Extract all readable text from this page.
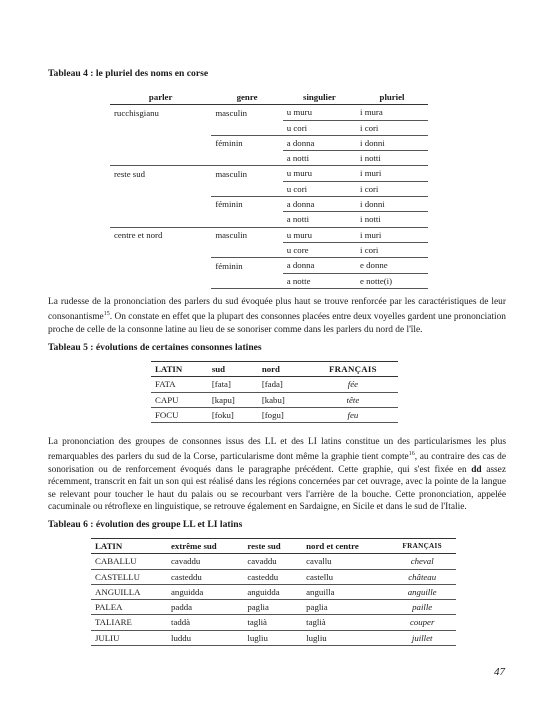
Tableau 4 : le pluriel des noms en corse
parler	genre	singulier	pluriel
rucchisgianu	masculin	u muru	i mura
		u cori	i cori
	féminin	a donna	i donni
		a notti	i notti
reste sud	masculin	u muru	i muri
		u cori	i cori
	féminin	a donna	i donni
		a notti	i notti
centre et nord	masculin	u muru	i muri
		u core	i cori
	féminin	a donna	e donne
		a notte	e notte(i)
La rudesse de la prononciation des parlers du sud évoquée plus haut se trouve renforcée par les caractéristiques de leur consonantisme$^{15}$. On constate en effet que la plupart des consonnes placées entre deux voyelles gardent une prononciation proche de celle de la consonne latine au lieu de se sonoriser comme dans les parlers du nord de l'île.
Tableau 5 : évolutions de certaines consonnes latines
LATIN	sud	nord	FRANÇAIS
FATA	[fata]	[fada]	fée
CAPU	[kapu]	[kabu]	tête
FOCU	[foku]	[fogu]	feu
La prononciation des groupes de consonnes issus des LL et des LI latins constitue un des particularismes les plus remarquables des parlers du sud de la Corse, particularisme dont même la graphie tient compte$^{16}$, au contraire des cas de sonorisation ou de renforcement évoqués dans le paragraphe précédent. Cette graphie, qui s'est fixée en dd assez récemment, transcrit en fait un son qui est réalisé dans les régions concernées par cet ouvrage, avec la pointe de la langue se relevant pour toucher le haut du palais ou se recourbant vers l'arrière de la bouche. Cette prononciation, appelée cacuminale ou rétroflexe en linguistique, se retrouve également en Sardaigne, en Sicile et dans le sud de l'Italie.
Tableau 6 : évolution des groupe LL et LI latins
LATIN	extrême sud	reste sud	nord et centre	FRANÇAIS
CABALLU	cavaddu	cavaddu	cavallu	cheval
CASTELLU	casteddu	casteddu	castellu	château
ANGUILLA	anguidda	anguidda	anguilla	anguille
PALEA	padda	paglia	paglia	paille
TALIARE	taddà	taglià	taglià	couper
JULIU	luddu	lugliu	lugliu	juillet
47
